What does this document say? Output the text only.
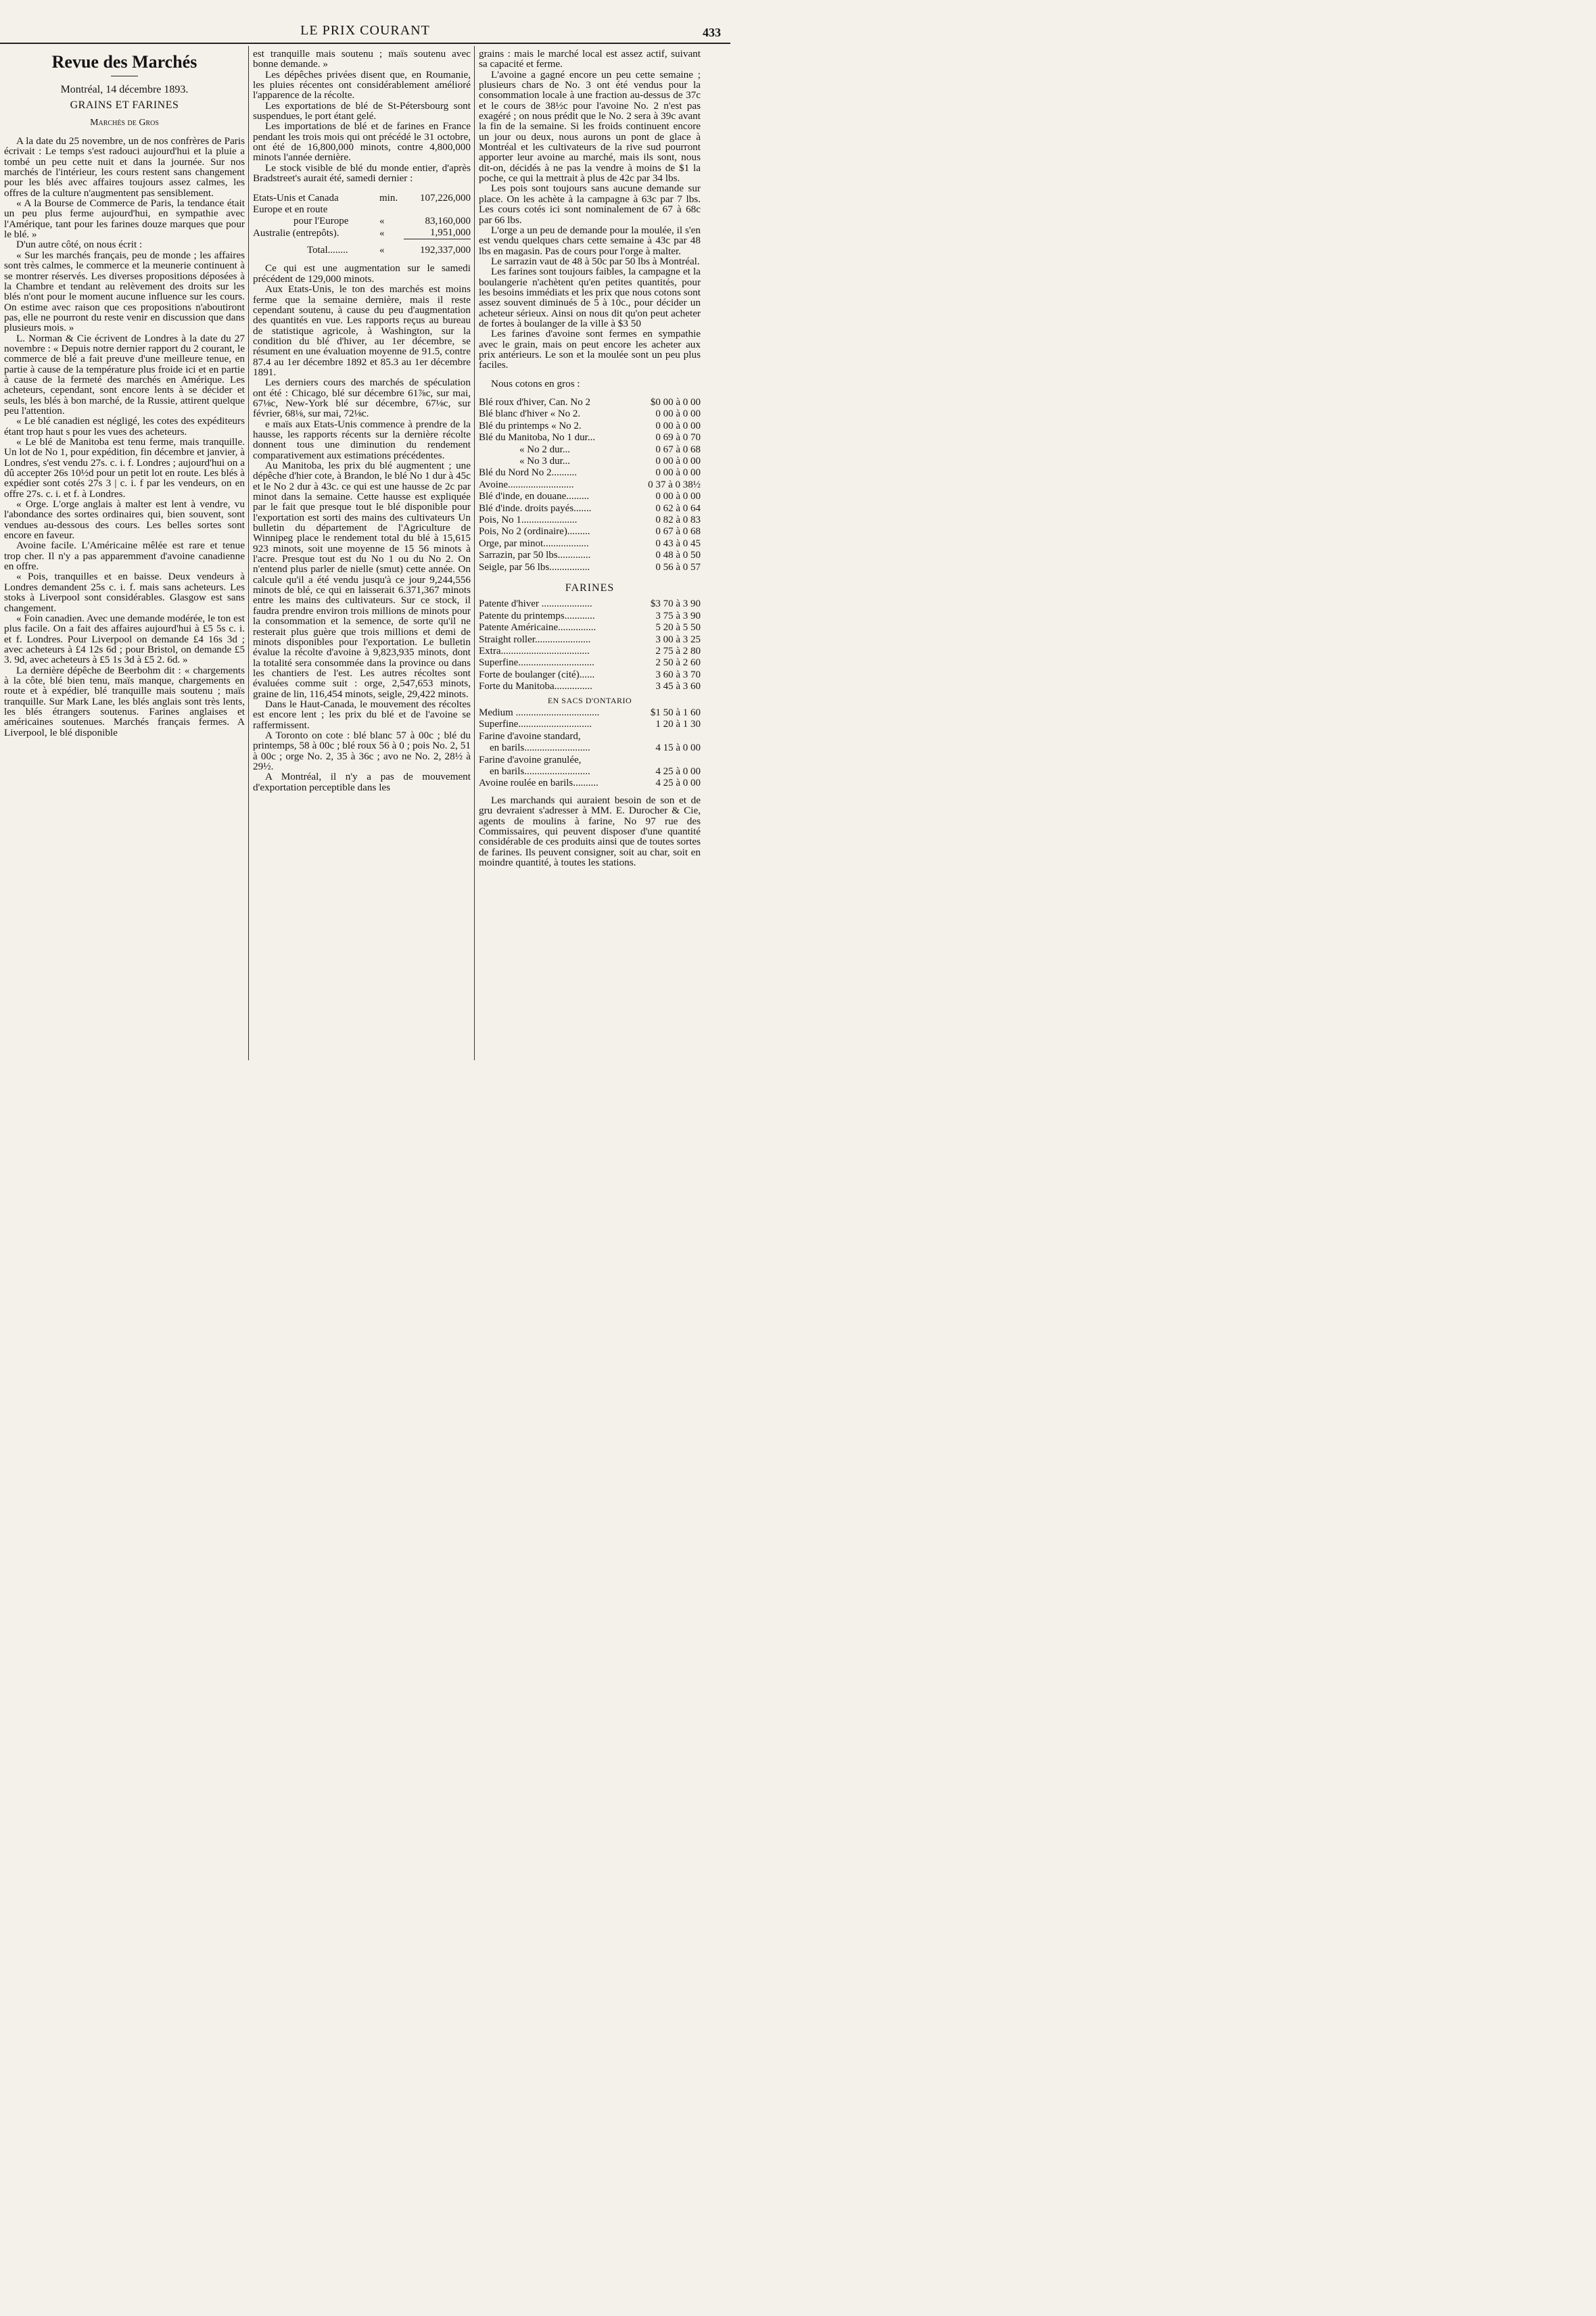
LE PRIX COURANT	433
Revue des Marchés
Montréal, 14 décembre 1893.
GRAINS ET FARINES
Marchés de Gros

A la date du 25 novembre, un de nos confrères de Paris écrivait : Le temps s'est radouci aujourd'hui et la pluie a tombé un peu cette nuit et dans la journée. Sur nos marchés de l'intérieur, les cours restent sans changement pour les blés avec affaires toujours assez calmes, les offres de la culture n'augmentent pas sensiblement.

« A la Bourse de Commerce de Paris, la tendance était un peu plus ferme aujourd'hui, en sympathie avec l'Amérique, tant pour les farines douze marques que pour le blé. »

D'un autre côté, on nous écrit :

« Sur les marchés français, peu de monde ; les affaires sont très calmes, le commerce et la meunerie continuent à se montrer réservés. Les diverses propositions déposées à la Chambre et tendant au relèvement des droits sur les blés n'ont pour le moment aucune influence sur les cours. On estime avec raison que ces propositions n'aboutiront pas, elle ne pourront du reste venir en discussion que dans plusieurs mois. »

L. Norman & Cie écrivent de Londres à la date du 27 novembre : « Depuis notre dernier rapport du 2 courant, le commerce de blé a fait preuve d'une meilleure tenue, en partie à cause de la température plus froide ici et en partie à cause de la fermeté des marchés en Amérique. Les acheteurs, cependant, sont encore lents à se décider et seuls, les blés à bon marché, de la Russie, attirent quelque peu l'attention.

« Le blé canadien est négligé, les cotes des expéditeurs étant trop haut s pour les vues des acheteurs.

« Le blé de Manitoba est tenu ferme, mais tranquille. Un lot de No 1, pour expédition, fin décembre et janvier, à Londres, s'est vendu 27s. c. i. f. Londres ; aujourd'hui on a dû accepter 26s 10½d pour un petit lot en route. Les blés à expédier sont cotés 27s 3 | c. i. f par les vendeurs, on en offre 27s. c. i. et f. à Londres.

« Orge. L'orge anglais à malter est lent à vendre, vu l'abondance des sortes ordinaires qui, bien souvent, sont vendues au-dessous des cours. Les belles sortes sont encore en faveur.

Avoine facile. L'Américaine mêlée est rare et tenue trop cher. Il n'y a pas apparemment d'avoine canadienne en offre.

« Pois, tranquilles et en baisse. Deux vendeurs à Londres demandent 25s c. i. f. mais sans acheteurs. Les stoks à Liverpool sont considérables. Glasgow est sans changement.

« Foin canadien. Avec une demande modérée, le ton est plus facile. On a fait des affaires aujourd'hui à £5 5s c. i. et f. Londres. Pour Liverpool on demande £4 16s 3d ; avec acheteurs à £4 12s 6d ; pour Bristol, on demande £5 3. 9d, avec acheteurs à £5 1s 3d à £5 2. 6d. »

La dernière dépêche de Beerbohm dit : « chargements à la côte, blé bien tenu, maïs manque, chargements en route et à expédier, blé tranquille mais soutenu ; maïs tranquille. Sur Mark Lane, les blés anglais sont très lents, les blés étrangers soutenus. Farines anglaises et américaines soutenues. Marchés français fermes. A Liverpool, le blé disponible

est tranquille mais soutenu ; maïs soutenu avec bonne demande. »

Les dépêches privées disent que, en Roumanie, les pluies récentes ont considérablement amélioré l'apparence de la récolte.

Les exportations de blé de St-Pétersbourg sont suspendues, le port étant gelé.

Les importations de blé et de farines en France pendant les trois mois qui ont précédé le 31 octobre, ont été de 16,800,000 minots, contre 4,800,000 minots l'année dernière.

Le stock visible de blé du monde entier, d'après Bradstreet's aurait été, samedi dernier :

Etats-Unis et Canada	min.	107,226,000
Europe et en route		
pour l'Europe	«	83,160,000
Australie (entrepôts).	«	1,951,000
Total........	«	192,337,000

Ce qui est une augmentation sur le samedi précédent de 129,000 minots.

Aux Etats-Unis, le ton des marchés est moins ferme que la semaine dernière, mais il reste cependant soutenu, à cause du peu d'augmentation des quantités en vue. Les rapports reçus au bureau de statistique agricole, à Washington, sur la condition du blé d'hiver, au 1er décembre, se résument en une évaluation moyenne de 91.5, contre 87.4 au 1er décembre 1892 et 85.3 au 1er décembre 1891.

Les derniers cours des marchés de spéculation ont été : Chicago, blé sur décembre 61⅞c, sur mai, 67⅛c, New-York blé sur décembre, 67⅛c, sur février, 68⅛, sur mai, 72⅛c.

e maïs aux Etats-Unis commence à prendre de la hausse, les rapports récents sur la dernière récolte donnent tous une diminution du rendement comparativement aux estimations précédentes.

Au Manitoba, les prix du blé augmentent ; une dépêche d'hier cote, à Brandon, le blé No 1 dur à 45c et le No 2 dur à 43c. ce qui est une hausse de 2c par minot dans la semaine. Cette hausse est expliquée par le fait que presque tout le blé disponible pour l'exportation est sorti des mains des cultivateurs Un bulletin du département de l'Agriculture de Winnipeg place le rendement total du blé à 15,615 923 minots, soit une moyenne de 15 56 minots à l'acre. Presque tout est du No 1 ou du No 2. On n'entend plus parler de nielle (smut) cette année. On calcule qu'il a été vendu jusqu'à ce jour 9,244,556 minots de blé, ce qui en laisserait 6.371,367 minots entre les mains des cultivateurs. Sur ce stock, il faudra prendre environ trois millions de minots pour la consommation et la semence, de sorte qu'il ne resterait plus guère que trois millions et demi de minots disponibles pour l'exportation. Le bulletin évalue la récolte d'avoine à 9,823,935 minots, dont la totalité sera consommée dans la province ou dans les chantiers de l'est. Les autres récoltes sont évaluées comme suit : orge, 2,547,653 minots, graine de lin, 116,454 minots, seigle, 29,422 minots.

Dans le Haut-Canada, le mouvement des récoltes est encore lent ; les prix du blé et de l'avoine se raffermissent.

A Toronto on cote : blé blanc 57 à 00c ; blé du printemps, 58 à 00c ; blé roux 56 à 0 ; pois No. 2, 51 à 00c ; orge No. 2, 35 à 36c ; avo ne No. 2, 28½ à 29½.

A Montréal, il n'y a pas de mouvement d'exportation perceptible dans les

grains : mais le marché local est assez actif, suivant sa capacité et ferme.

L'avoine a gagné encore un peu cette semaine ; plusieurs chars de No. 3 ont été vendus pour la consommation locale à une fraction au-dessus de 37c et le cours de 38½c pour l'avoine No. 2 n'est pas exagéré ; on nous prédit que le No. 2 sera à 39c avant la fin de la semaine. Si les froids continuent encore un jour ou deux, nous aurons un pont de glace à Montréal et les cultivateurs de la rive sud pourront apporter leur avoine au marché, mais ils sont, nous dit-on, décidés à ne pas la vendre à moins de $1 la poche, ce qui la mettrait à plus de 42c par 34 lbs.

Les pois sont toujours sans aucune demande sur place. On les achète à la campagne à 63c par 7 lbs. Les cours cotés ici sont nominalement de 67 à 68c par 66 lbs.

L'orge a un peu de demande pour la moulée, il s'en est vendu quelques chars cette semaine à 43c par 48 lbs en magasin. Pas de cours pour l'orge à malter.

Le sarrazin vaut de 48 à 50c par 50 lbs à Montréal.

Les farines sont toujours faibles, la campagne et la boulangerie n'achètent qu'en petites quantités, pour les besoins immédiats et les prix que nous cotons sont assez souvent diminués de 5 à 10c., pour décider un acheteur sérieux. Ainsi on nous dit qu'on peut acheter de fortes à boulanger de la ville à $3 50

Les farines d'avoine sont fermes en sympathie avec le grain, mais on peut encore les acheter aux prix antérieurs. Le son et la moulée sont un peu plus faciles.

Nous cotons en gros :

Blé roux d'hiver, Can. No 2	$0 00 à 0 00
Blé blanc d'hiver « No 2.	0 00 à 0 00
Blé du printemps « No 2.	0 00 à 0 00
Blé du Manitoba, No 1 dur...	0 69 à 0 70
« No 2 dur...	0 67 à 0 68
« No 3 dur...	0 00 à 0 00
Blé du Nord No 2..........	0 00 à 0 00
Avoine..........................	0 37 à 0 38½
Blé d'inde, en douane.........	0 00 à 0 00
Blé d'inde. droits payés.......	0 62 à 0 64
Pois, No 1......................	0 82 à 0 83
Pois, No 2 (ordinaire).........	0 67 à 0 68
Orge, par minot..................	0 43 à 0 45
Sarrazin, par 50 lbs.............	0 48 à 0 50
Seigle, par 56 lbs................	0 56 à 0 57
FARINES
Patente d'hiver ....................	$3 70 à 3 90
Patente du printemps............	3 75 à 3 90
Patente Américaine...............	5 20 à 5 50
Straight roller......................	3 00 à 3 25
Extra...................................	2 75 à 2 80
Superfine..............................	2 50 à 2 60
Forte de boulanger (cité)......	3 60 à 3 70
Forte du Manitoba...............	3 45 à 3 60
EN SACS D'ONTARIO
Medium .................................	$1 50 à 1 60
Superfine.............................	1 20 à 1 30
Farine d'avoine standard,	
en barils..........................	4 15 à 0 00
Farine d'avoine granulée,	
en barils..........................	4 25 à 0 00
Avoine roulée en barils..........	4 25 à 0 00

Les marchands qui auraient besoin de son et de gru devraient s'adresser à MM. E. Durocher & Cie, agents de moulins à farine, No 97 rue des Commissaires, qui peuvent disposer d'une quantité considérable de ces produits ainsi que de toutes sortes de farines. Ils peuvent consigner, soit au char, soit en moindre quantité, à toutes les stations.
